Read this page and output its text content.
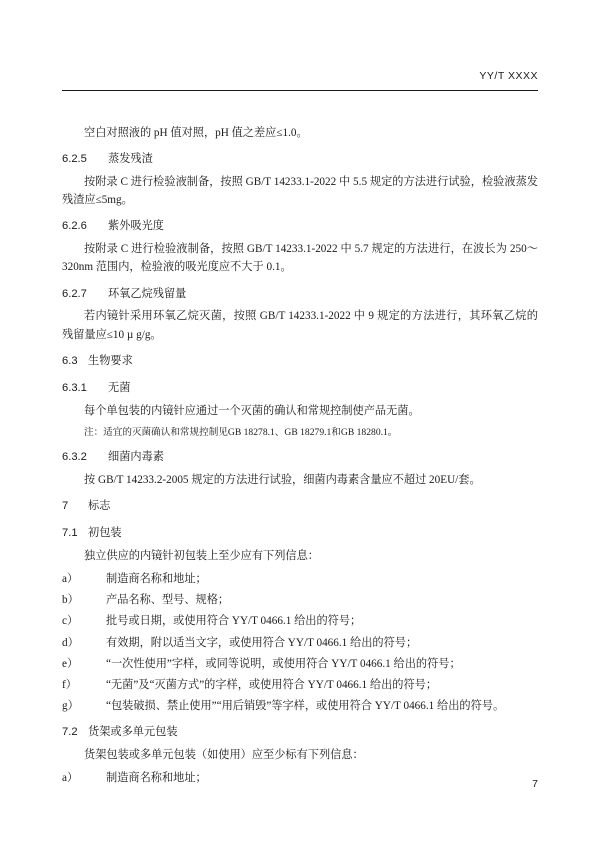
YY/T XXXX

空白对照液的 pH 值对照，pH 值之差应≤1.0。

6.2.5 蒸发残渣

按附录 C 进行检验液制备，按照 GB/T 14233.1-2022 中 5.5 规定的方法进行试验，检验液蒸发残渣应≤5mg。

6.2.6 紫外吸光度

按附录 C 进行检验液制备，按照 GB/T 14233.1-2022 中 5.7 规定的方法进行，在波长为 250～320nm 范围内，检验液的吸光度应不大于 0.1。

6.2.7 环氧乙烷残留量

若内镜针采用环氧乙烷灭菌，按照 GB/T 14233.1-2022 中 9 规定的方法进行，其环氧乙烷的残留量应≤10 µ g/g。

6.3 生物要求
6.3.1 无菌

每个单包装的内镜针应通过一个灭菌的确认和常规控制使产品无菌。

注：适宜的灭菌确认和常规控制见GB 18278.1、GB 18279.1和GB 18280.1。

6.3.2 细菌内毒素

按 GB/T 14233.2-2005 规定的方法进行试验，细菌内毒素含量应不超过 20EU/套。

7 标志
7.1 初包装

独立供应的内镜针初包装上至少应有下列信息：

a） 制造商名称和地址；

b） 产品名称、型号、规格；

c） 批号或日期，或使用符合 YY/T 0466.1 给出的符号；

d） 有效期，附以适当文字，或使用符合 YY/T 0466.1 给出的符号；

e） “一次性使用”字样，或同等说明，或使用符合 YY/T 0466.1 给出的符号；

f）	“无菌”及“灭菌方式”的字样，或使用符合 YY/T 0466.1 给出的符号；

g） “包装破损、禁止使用”“用后销毁”等字样，或使用符合 YY/T 0466.1 给出的符号。

7.2 货架或多单元包装

货架包装或多单元包装（如使用）应至少标有下列信息：

a） 制造商名称和地址；	7
